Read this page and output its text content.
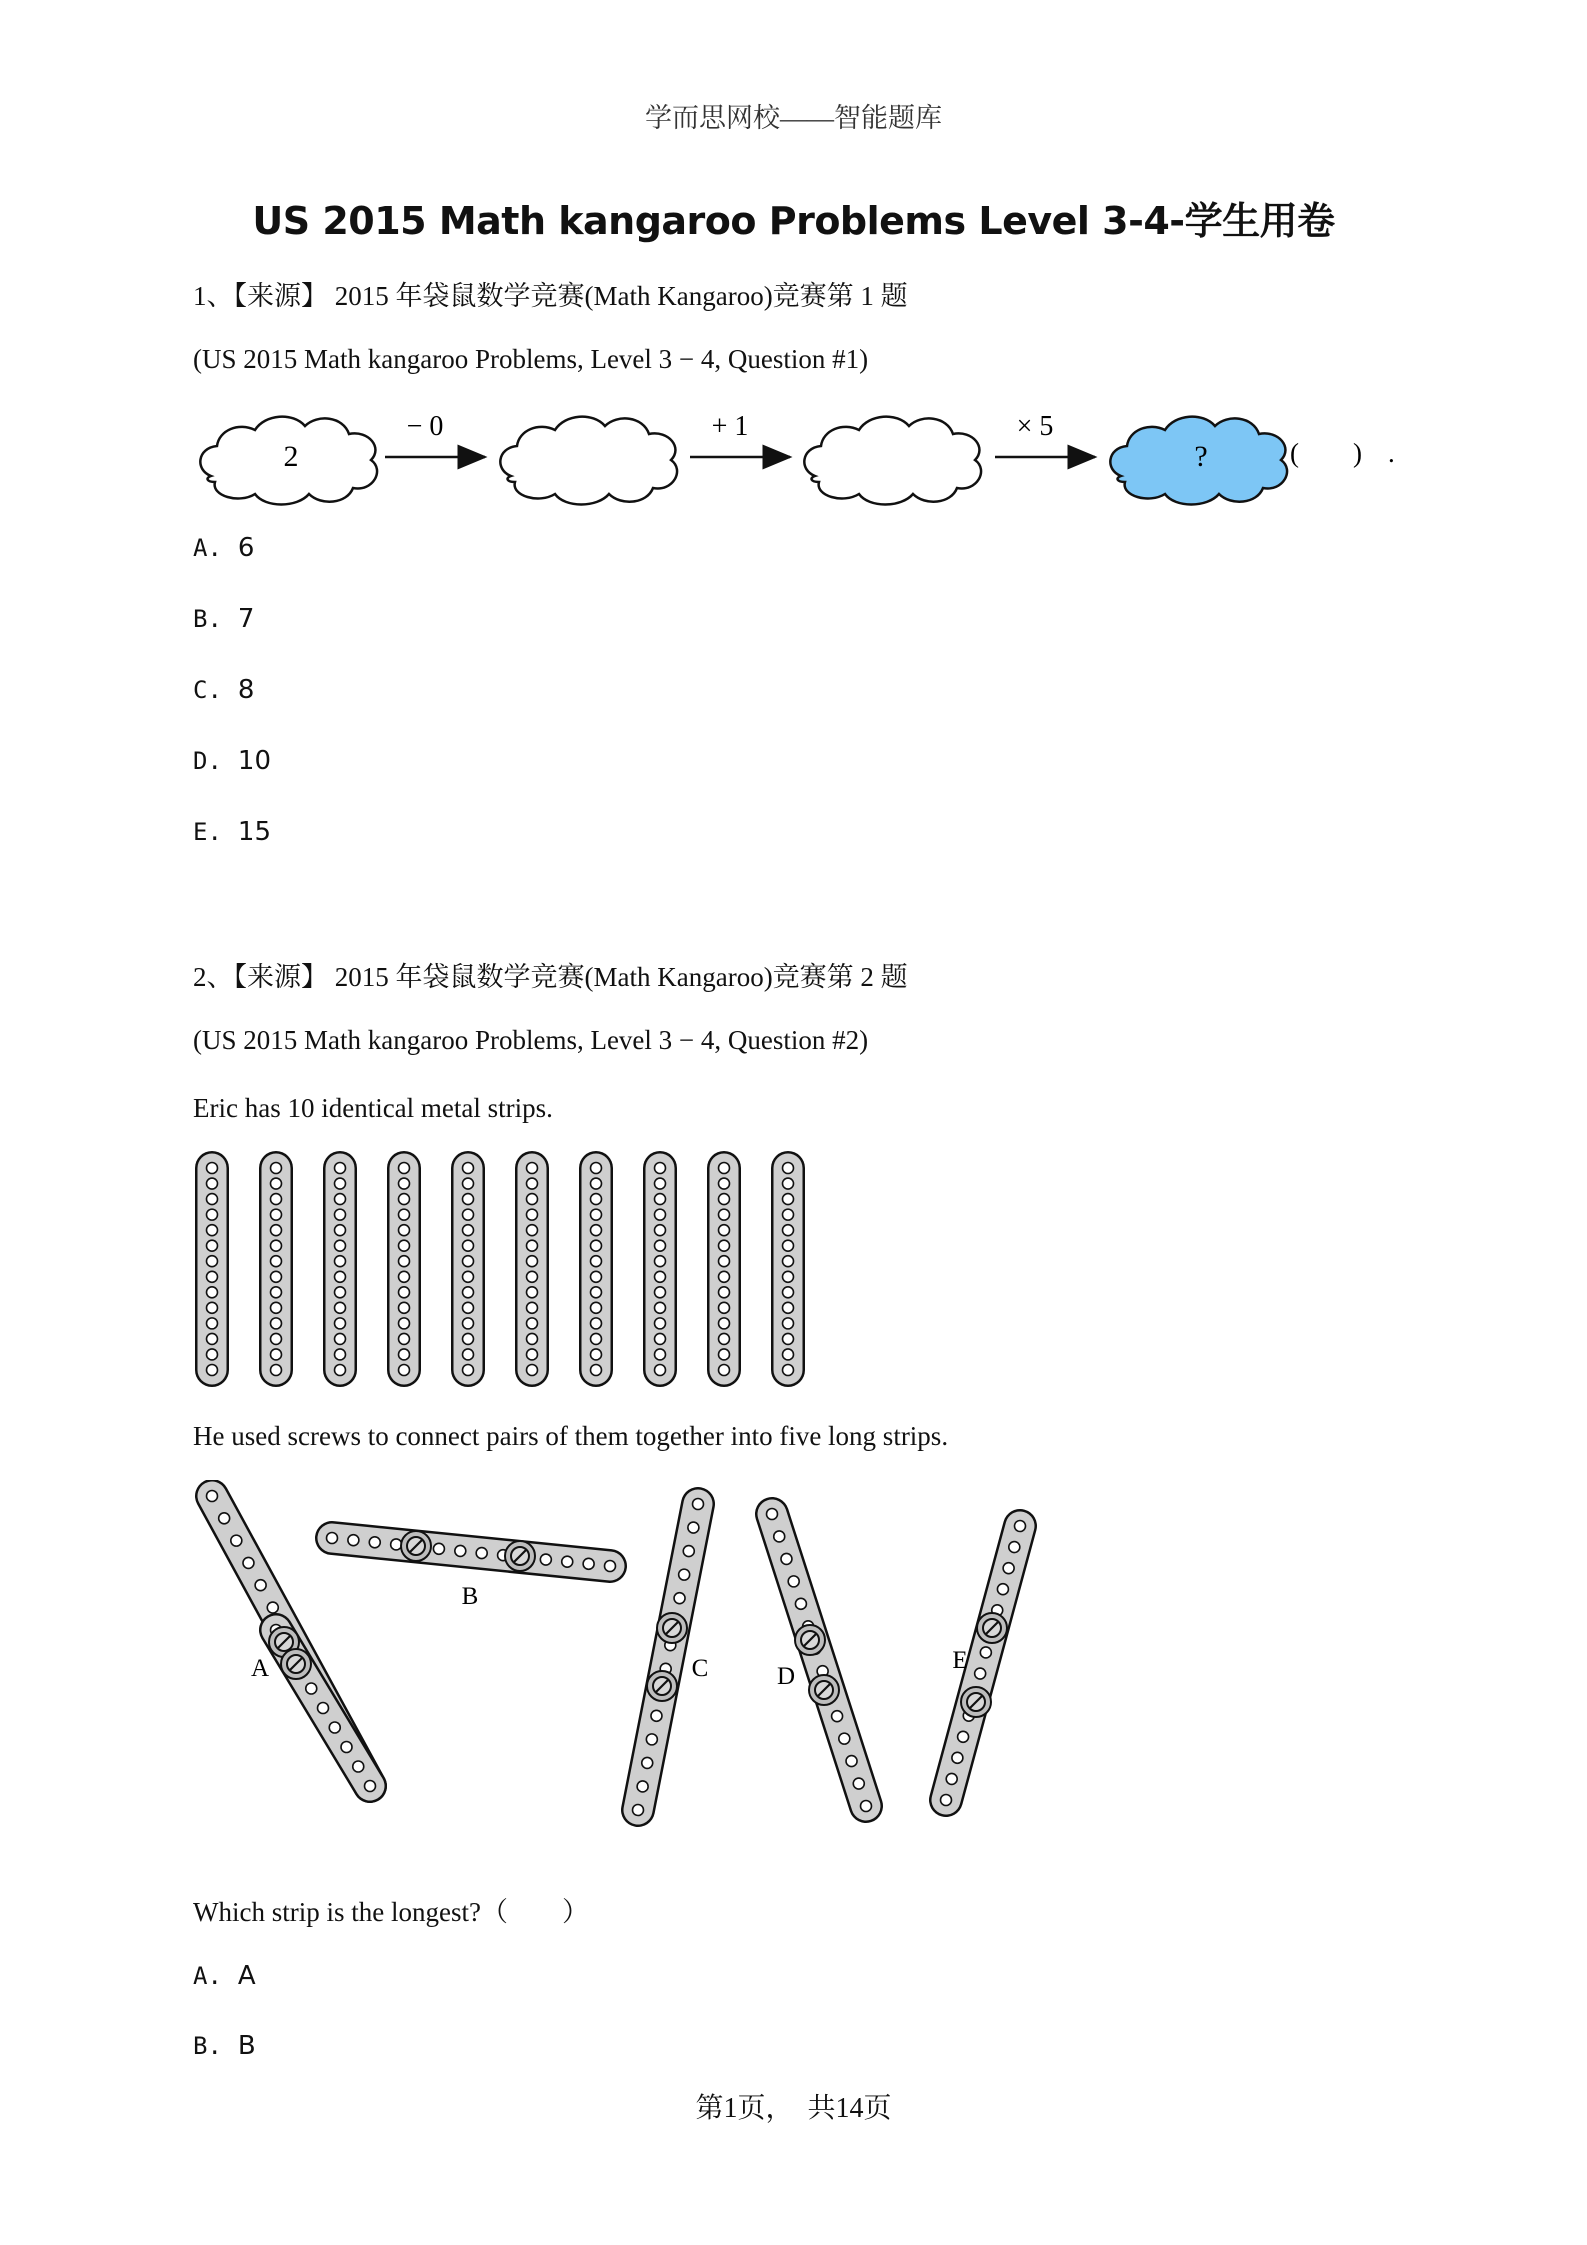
学而思网校——智能题库
US 2015 Math kangaroo Problems Level 3-4-学生用卷
1、【来源】 2015 年袋鼠数学竞赛(Math Kangaroo)竞赛第 1 题
(US 2015 Math kangaroo Problems, Level 3 − 4, Question #1)
2
− 0	+ 1	× 5
?	(　　) .
A. 6
B. 7
C. 8
D. 10
E. 15
2、【来源】 2015 年袋鼠数学竞赛(Math Kangaroo)竞赛第 2 题
(US 2015 Math kangaroo Problems, Level 3 − 4, Question #2)
Eric has 10 identical metal strips.
He used screws to connect pairs of them together into five long strips.
A
B
C	D
E
Which strip is the longest?（　　）
A. A
B. B
第1页，　共14页
